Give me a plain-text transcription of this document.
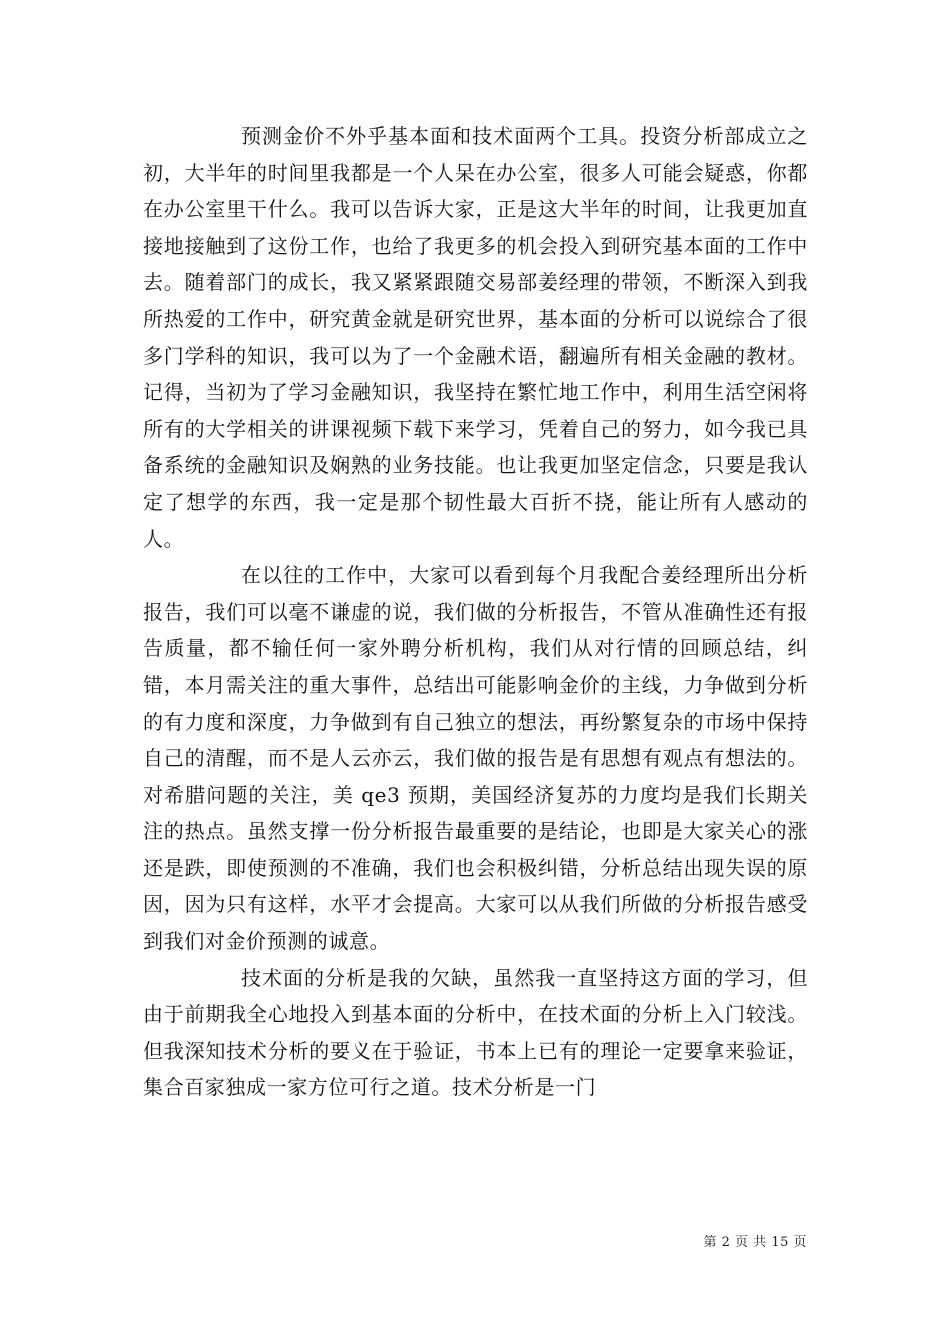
预测金价不外乎基本面和技术面两个工具。投资分析部成立之初，大半年的时间里我都是一个人呆在办公室，很多人可能会疑惑，你都在办公室里干什么。我可以告诉大家，正是这大半年的时间，让我更加直接地接触到了这份工作，也给了我更多的机会投入到研究基本面的工作中去。随着部门的成长，我又紧紧跟随交易部姜经理的带领，不断深入到我所热爱的工作中，研究黄金就是研究世界，基本面的分析可以说综合了很多门学科的知识，我可以为了一个金融术语，翻遍所有相关金融的教材。记得，当初为了学习金融知识，我坚持在繁忙地工作中，利用生活空闲将所有的大学相关的讲课视频下载下来学习，凭着自己的努力，如今我已具备系统的金融知识及娴熟的业务技能。也让我更加坚定信念，只要是我认定了想学的东西，我一定是那个韧性最大百折不挠，能让所有人感动的人。

在以往的工作中，大家可以看到每个月我配合姜经理所出分析报告，我们可以毫不谦虚的说，我们做的分析报告，不管从准确性还有报告质量，都不输任何一家外聘分析机构，我们从对行情的回顾总结，纠错，本月需关注的重大事件，总结出可能影响金价的主线，力争做到分析的有力度和深度，力争做到有自己独立的想法，再纷繁复杂的市场中保持自己的清醒，而不是人云亦云，我们做的报告是有思想有观点有想法的。对希腊问题的关注，美 qe3 预期，美国经济复苏的力度均是我们长期关注的热点。虽然支撑一份分析报告最重要的是结论，也即是大家关心的涨还是跌，即使预测的不准确，我们也会积极纠错，分析总结出现失误的原因，因为只有这样，水平才会提高。大家可以从我们所做的分析报告感受到我们对金价预测的诚意。

技术面的分析是我的欠缺，虽然我一直坚持这方面的学习，但由于前期我全心地投入到基本面的分析中，在技术面的分析上入门较浅。但我深知技术分析的要义在于验证，书本上已有的理论一定要拿来验证，集合百家独成一家方位可行之道。技术分析是一门

第 2 页 共 15 页
